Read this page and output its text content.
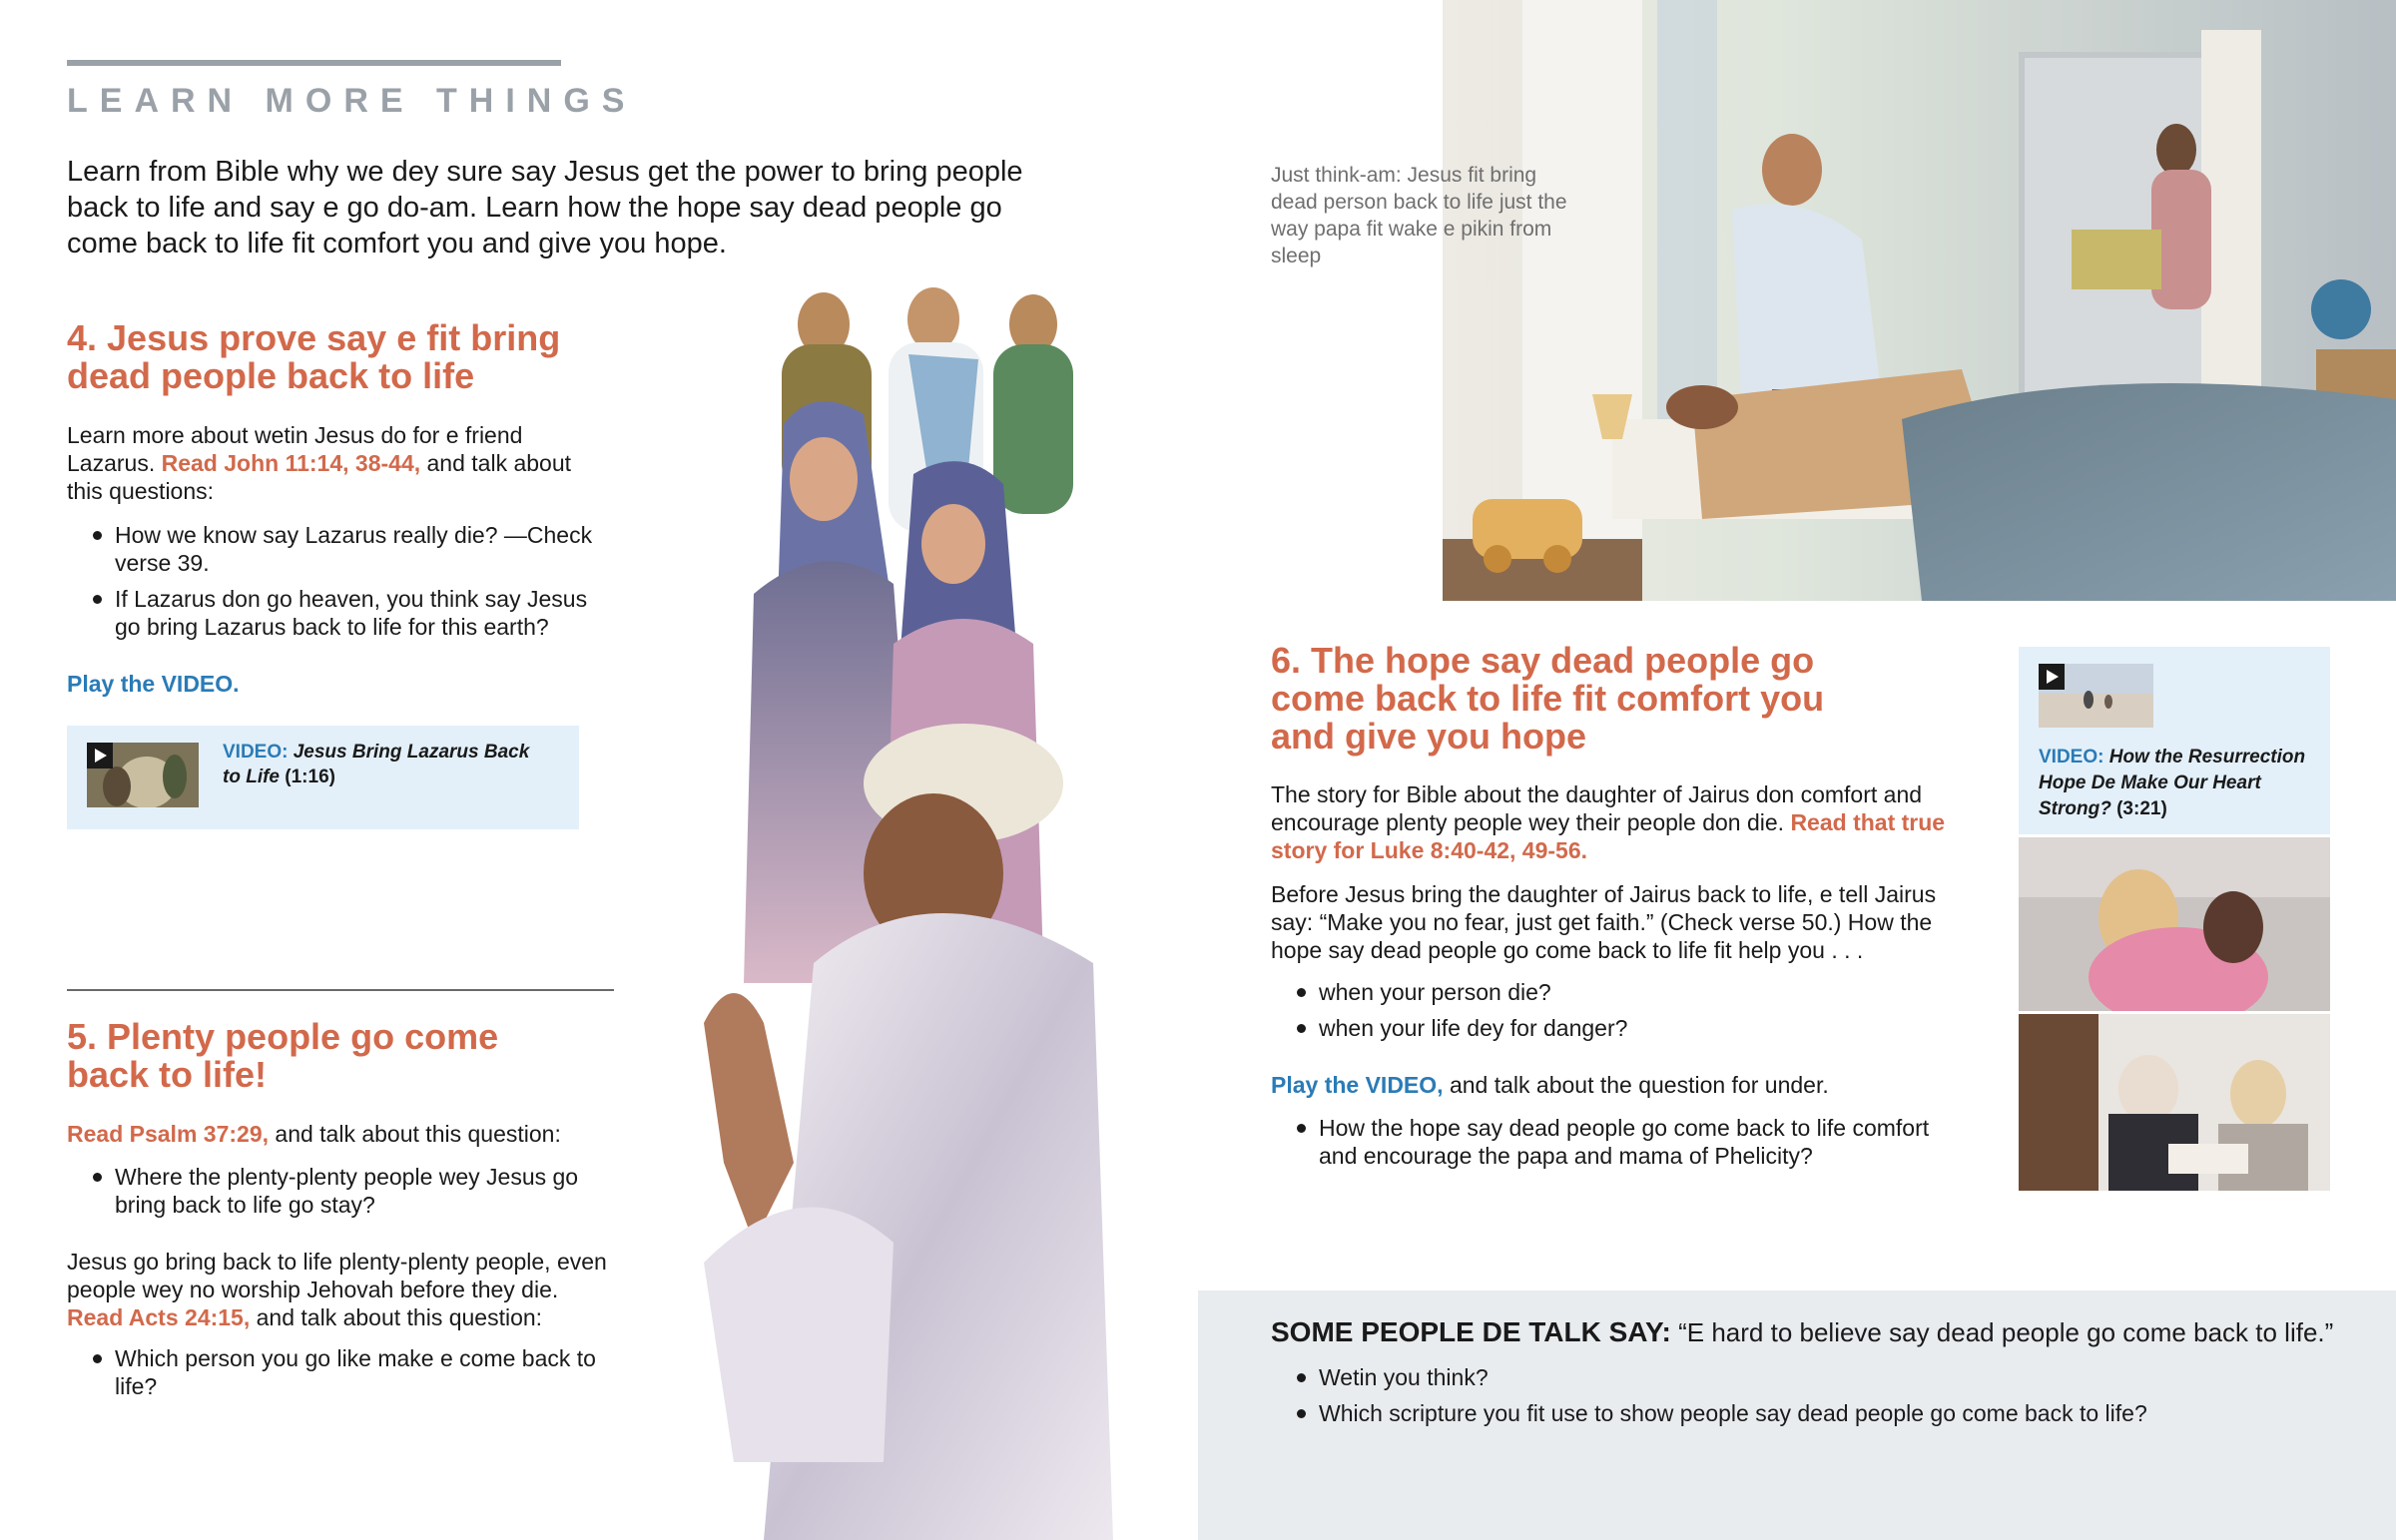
LEARN MORE THINGS
Learn from Bible why we dey sure say Jesus get the power to bring people back to life and say e go do-am. Learn how the hope say dead people go come back to life fit comfort you and give you hope.
4. Jesus prove say e fit bring dead people back to life
Learn more about wetin Jesus do for e friend Lazarus. Read John 11:14, 38-44, and talk about this questions:
How we know say Lazarus really die? —Check verse 39.
If Lazarus don go heaven, you think say Jesus go bring Lazarus back to life for this earth?
Play the VIDEO.
VIDEO: Jesus Bring Lazarus Back to Life (1:16)
5. Plenty people go come back to life!
Read Psalm 37:29, and talk about this question:
Where the plenty-plenty people wey Jesus go bring back to life go stay?
Jesus go bring back to life plenty-plenty people, even people wey no worship Jehovah before they die. Read Acts 24:15, and talk about this question:
Which person you go like make e come back to life?
Just think-am: Jesus fit bring dead person back to life just the way papa fit wake e pikin from sleep
6. The hope say dead people go come back to life fit comfort you and give you hope
The story for Bible about the daughter of Jairus don comfort and encourage plenty people wey their people don die. Read that true story for Luke 8:40-42, 49-56.
Before Jesus bring the daughter of Jairus back to life, e tell Jairus say: “Make you no fear, just get faith.” (Check verse 50.) How the hope say dead people go come back to life fit help you . . .
when your person die?
when your life dey for danger?
Play the VIDEO, and talk about the question for under.
How the hope say dead people go come back to life comfort and encourage the papa and mama of Phelicity?
VIDEO: How the Resurrection Hope De Make Our Heart Strong? (3:21)
SOME PEOPLE DE TALK SAY: “E hard to believe say dead people go come back to life.”
Wetin you think?
Which scripture you fit use to show people say dead people go come back to life?
